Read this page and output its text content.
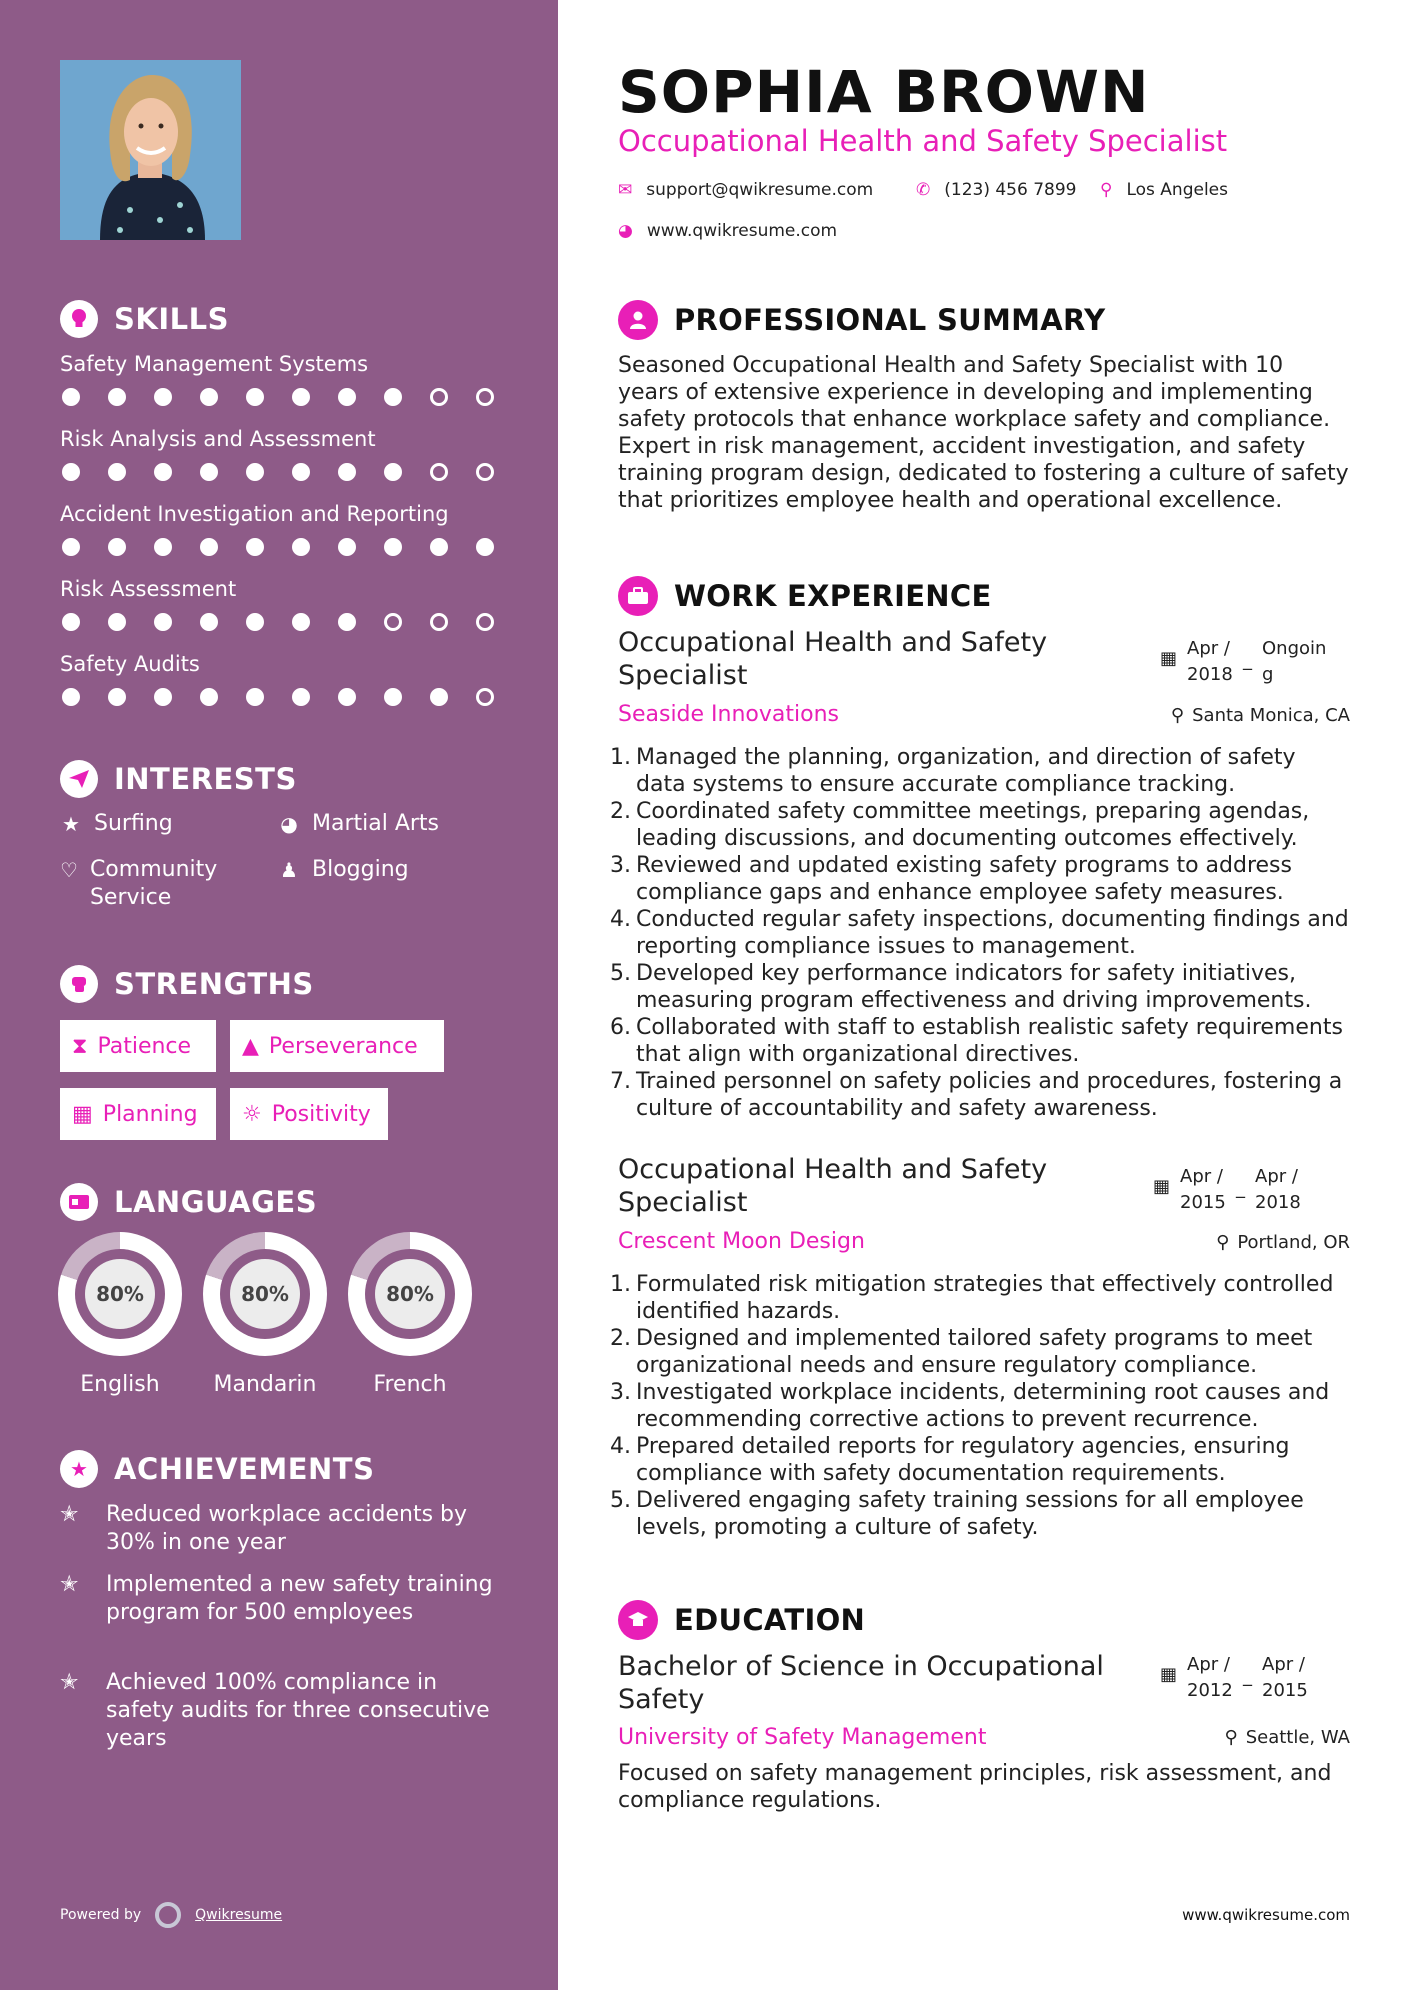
SKILLS
Safety Management Systems
Risk Analysis and Assessment
Accident Investigation and Reporting
Risk Assessment
Safety Audits
INTERESTS
★ Surfing	◕ Martial Arts
♡ Community Service
♟ Blogging
STRENGTHS
⧗ Patience ▲ Perseverance
▦ Planning ☼ Positivity
LANGUAGES
80%
English
80%
Mandarin
80%
French
★ ACHIEVEMENTS
✭	Reduced workplace accidents by 30% in one year
✭	Implemented a new safety training program for 500 employees
✭	Achieved 100% compliance in safety audits for three consecutive years
Powered by	Qwikresume
SOPHIA BROWN
Occupational Health and Safety Specialist
✉ support@qwikresume.com	✆ (123) 456 7899 ⚲ Los Angeles
◕ www.qwikresume.com
PROFESSIONAL SUMMARY
Seasoned Occupational Health and Safety Specialist with 10 years of extensive experience in developing and implementing safety protocols that enhance workplace safety and compliance. Expert in risk management, accident investigation, and safety training program design, dedicated to fostering a culture of safety that prioritizes employee health and operational excellence.
WORK EXPERIENCE
Occupational Health and Safety Specialist
▦ Apr /
2018
_
Ongoin
g
Seaside Innovations	⚲ Santa Monica, CA
1. Managed the planning, organization, and direction of safety data systems to ensure accurate compliance tracking.
2. Coordinated safety committee meetings, preparing agendas, leading discussions, and documenting outcomes effectively.
3. Reviewed and updated existing safety programs to address compliance gaps and enhance employee safety measures.
4. Conducted regular safety inspections, documenting findings and reporting compliance issues to management.
5. Developed key performance indicators for safety initiatives, measuring program effectiveness and driving improvements.
6. Collaborated with staff to establish realistic safety requirements that align with organizational directives.
7. Trained personnel on safety policies and procedures, fostering a culture of accountability and safety awareness.
Occupational Health and Safety Specialist
▦ Apr /
2015
_
Apr /
2018
Crescent Moon Design	⚲ Portland, OR
1. Formulated risk mitigation strategies that effectively controlled identified hazards.
2. Designed and implemented tailored safety programs to meet organizational needs and ensure regulatory compliance.
3. Investigated workplace incidents, determining root causes and recommending corrective actions to prevent recurrence.
4. Prepared detailed reports for regulatory agencies, ensuring compliance with safety documentation requirements.
5. Delivered engaging safety training sessions for all employee levels, promoting a culture of safety.
EDUCATION
Bachelor of Science in Occupational Safety
▦ Apr /
2012
_
Apr /
2015
University of Safety Management	⚲ Seattle, WA
Focused on safety management principles, risk assessment, and compliance regulations.
www.qwikresume.com
